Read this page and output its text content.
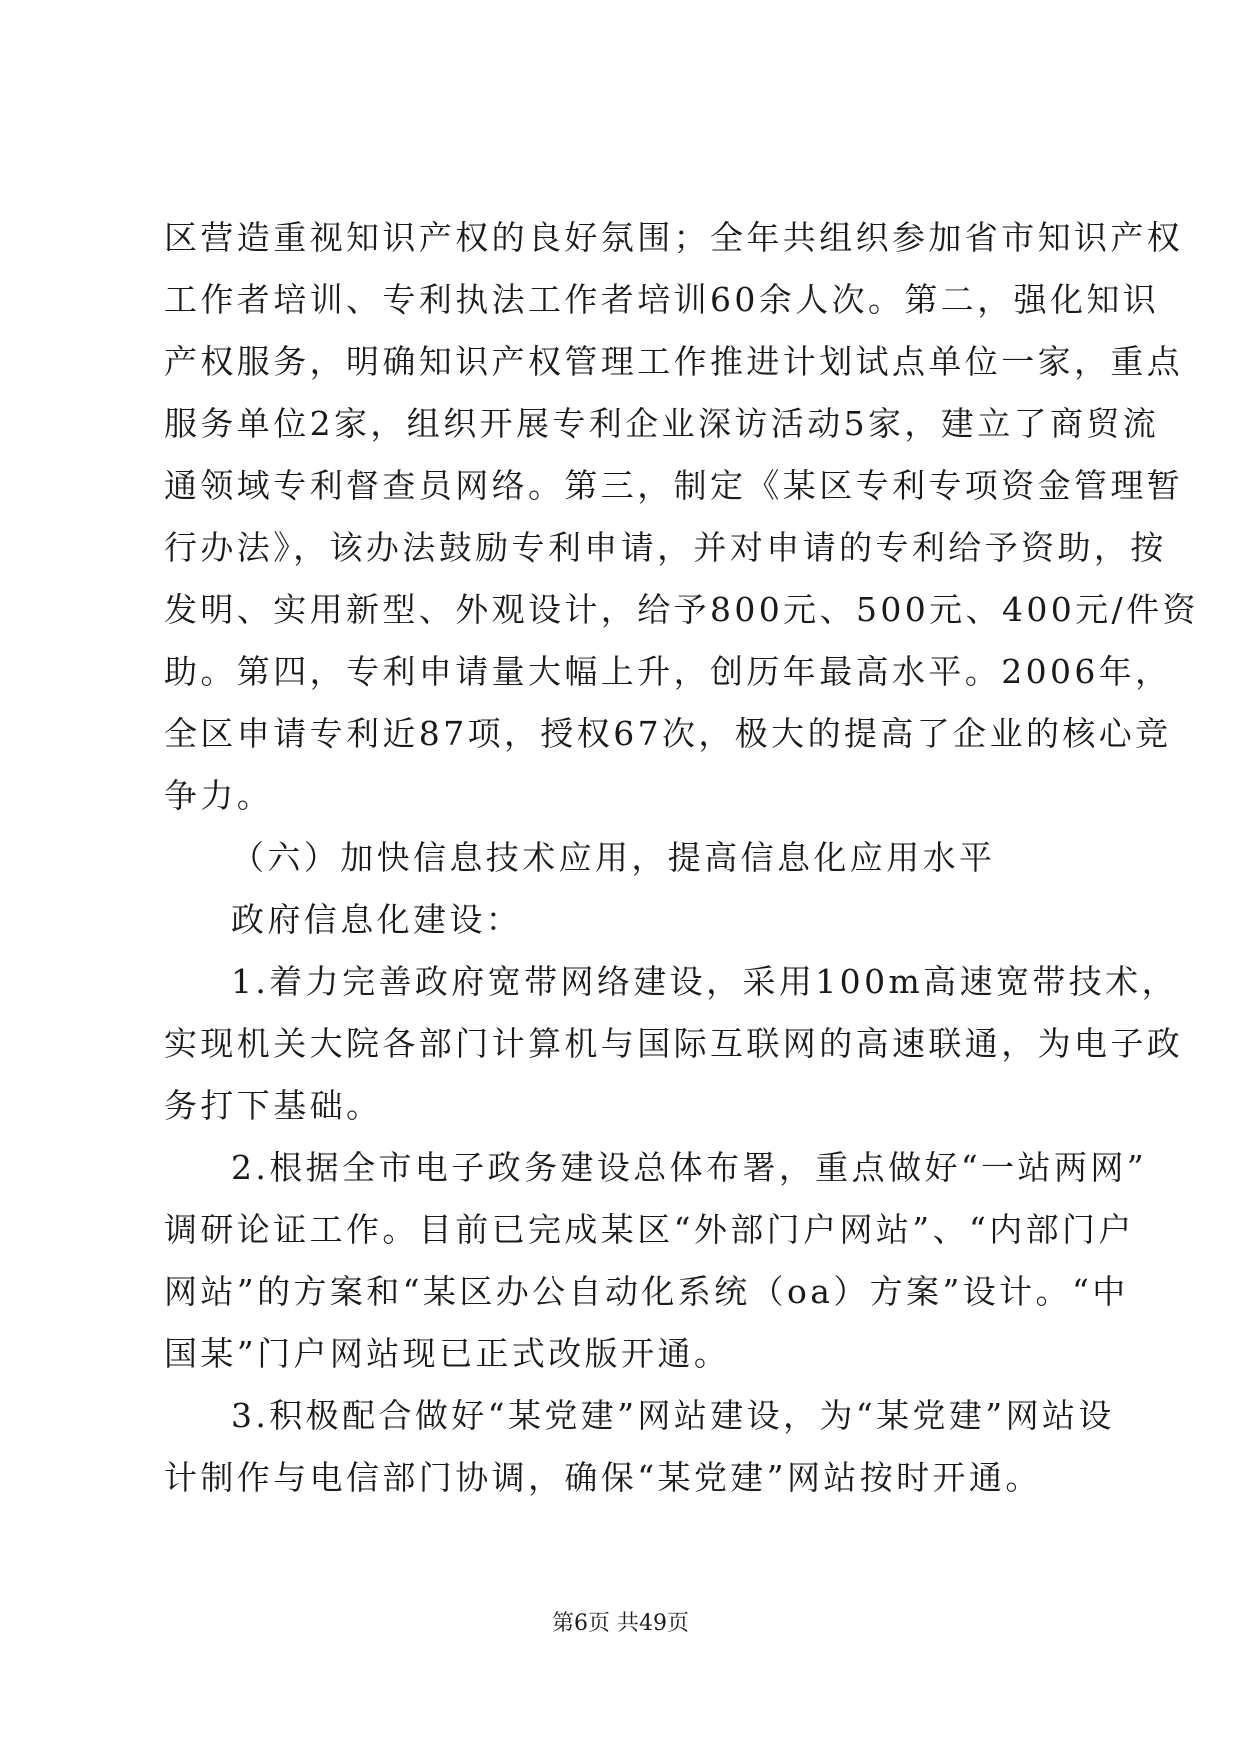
区营造重视知识产权的良好氛围；全年共组织参加省市知识产权
工作者培训、专利执法工作者培训60余人次。第二，强化知识
产权服务，明确知识产权管理工作推进计划试点单位一家，重点
服务单位2家，组织开展专利企业深访活动5家，建立了商贸流
通领域专利督查员网络。第三，制定《某区专利专项资金管理暂
行办法》，该办法鼓励专利申请，并对申请的专利给予资助，按
发明、实用新型、外观设计，给予800元、500元、400元/件资
助。第四，专利申请量大幅上升，创历年最高水平。2006年，
全区申请专利近87项，授权67次，极大的提高了企业的核心竞
争力。
（六）加快信息技术应用，提高信息化应用水平
政府信息化建设：
1.着力完善政府宽带网络建设，采用100m高速宽带技术，
实现机关大院各部门计算机与国际互联网的高速联通，为电子政
务打下基础。
2.根据全市电子政务建设总体布署，重点做好“一站两网”
调研论证工作。目前已完成某区“外部门户网站”、“内部门户
网站”的方案和“某区办公自动化系统（oa）方案”设计。“中
国某”门户网站现已正式改版开通。
3.积极配合做好“某党建”网站建设，为“某党建”网站设
计制作与电信部门协调，确保“某党建”网站按时开通。
第6页 共49页
